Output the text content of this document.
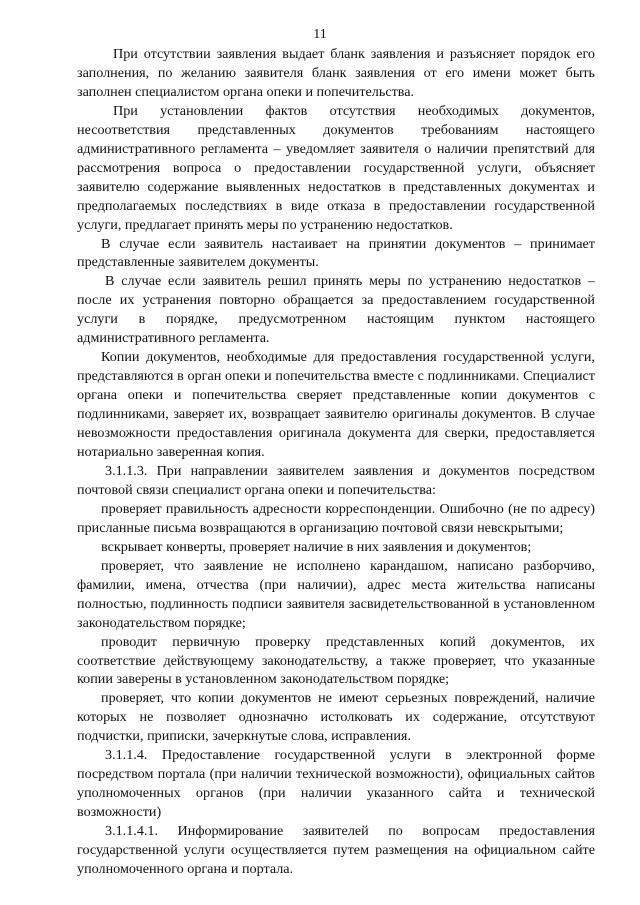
11

При отсутствии заявления выдает бланк заявления и разъясняет порядок его заполнения, по желанию заявителя бланк заявления от его имени может быть заполнен специалистом органа опеки и попечительства.

При установлении фактов отсутствия необходимых документов, несоответствия представленных документов требованиям настоящего административного регламента – уведомляет заявителя о наличии препятствий для рассмотрения вопроса о предоставлении государственной услуги, объясняет заявителю содержание выявленных недостатков в представленных документах и предполагаемых последствиях в виде отказа в предоставлении государственной услуги, предлагает принять меры по устранению недостатков.

В случае если заявитель настаивает на принятии документов – принимает представленные заявителем документы.

В случае если заявитель решил принять меры по устранению недостатков – после их устранения повторно обращается за предоставлением государственной услуги в порядке, предусмотренном настоящим пунктом настоящего административного регламента.

Копии документов, необходимые для предоставления государственной услуги, представляются в орган опеки и попечительства вместе с подлинниками. Специалист органа опеки и попечительства сверяет представленные копии документов с подлинниками, заверяет их, возвращает заявителю оригиналы документов. В случае невозможности предоставления оригинала документа для сверки, предоставляется нотариально заверенная копия.

3.1.1.3. При направлении заявителем заявления и документов посредством почтовой связи специалист органа опеки и попечительства:

проверяет правильность адресности корреспонденции. Ошибочно (не по адресу) присланные письма возвращаются в организацию почтовой связи невскрытыми;

вскрывает конверты, проверяет наличие в них заявления и документов;

проверяет, что заявление не исполнено карандашом, написано разборчиво, фамилии, имена, отчества (при наличии), адрес места жительства написаны полностью, подлинность подписи заявителя засвидетельствованной в установленном законодательством порядке;

проводит первичную проверку представленных копий документов, их соответствие действующему законодательству, а также проверяет, что указанные копии заверены в установленном законодательством порядке;

проверяет, что копии документов не имеют серьезных повреждений, наличие которых не позволяет однозначно истолковать их содержание, отсутствуют подчистки, приписки, зачеркнутые слова, исправления.

3.1.1.4. Предоставление государственной услуги в электронной форме посредством портала (при наличии технической возможности), официальных сайтов уполномоченных органов (при наличии указанного сайта и технической возможности)

3.1.1.4.1. Информирование заявителей по вопросам предоставления государственной услуги осуществляется путем размещения на официальном сайте уполномоченного органа и портала.
